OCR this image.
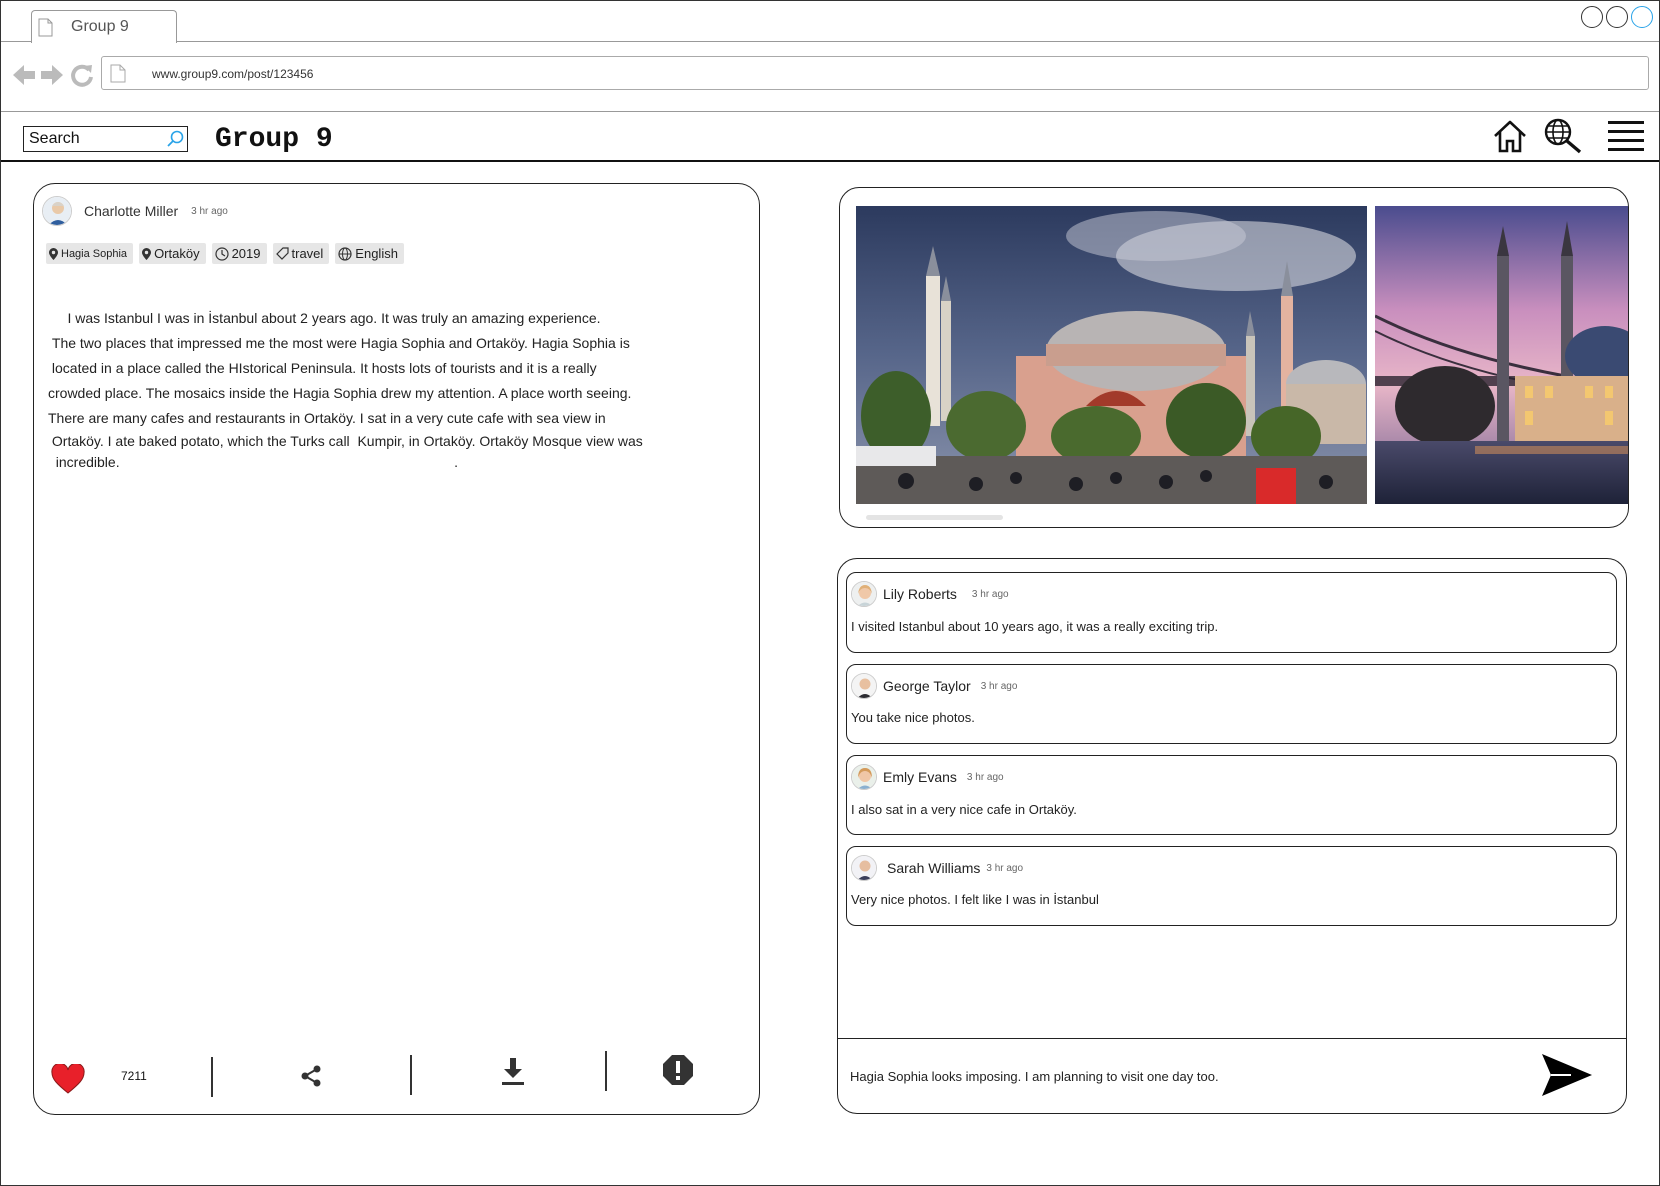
Group 9
www.group9.com/post/123456
Search	Group 9
Charlotte Miller 3 hr ago
Hagia Sophia Ortaköy 2019 travel English

I was Istanbul I was in İstanbul about 2 years ago. It was truly an amazing experience.

The two places that impressed me the most were Hagia Sophia and Ortaköy. Hagia Sophia is

located in a place called the HIstorical Peninsula. It hosts lots of tourists and it is a really

crowded place. The mosaics inside the Hagia Sophia drew my attention. A place worth seeing.

There are many cafes and restaurants in Ortaköy. I sat in a very cute cafe with sea view in

Ortaköy. I ate baked potato, which the Turks call  Kumpir, in Ortaköy. Ortaköy Mosque view was

incredible.                                                                                      .

7211
Lily Roberts 3 hr ago
I visited Istanbul about 10 years ago, it was a really exciting trip.
George Taylor 3 hr ago
You take nice photos.
Emly Evans 3 hr ago
I also sat in a very nice cafe in Ortaköy.
Sarah Williams 3 hr ago
Very nice photos. I felt like I was in İstanbul
Hagia Sophia looks imposing. I am planning to visit one day too.
